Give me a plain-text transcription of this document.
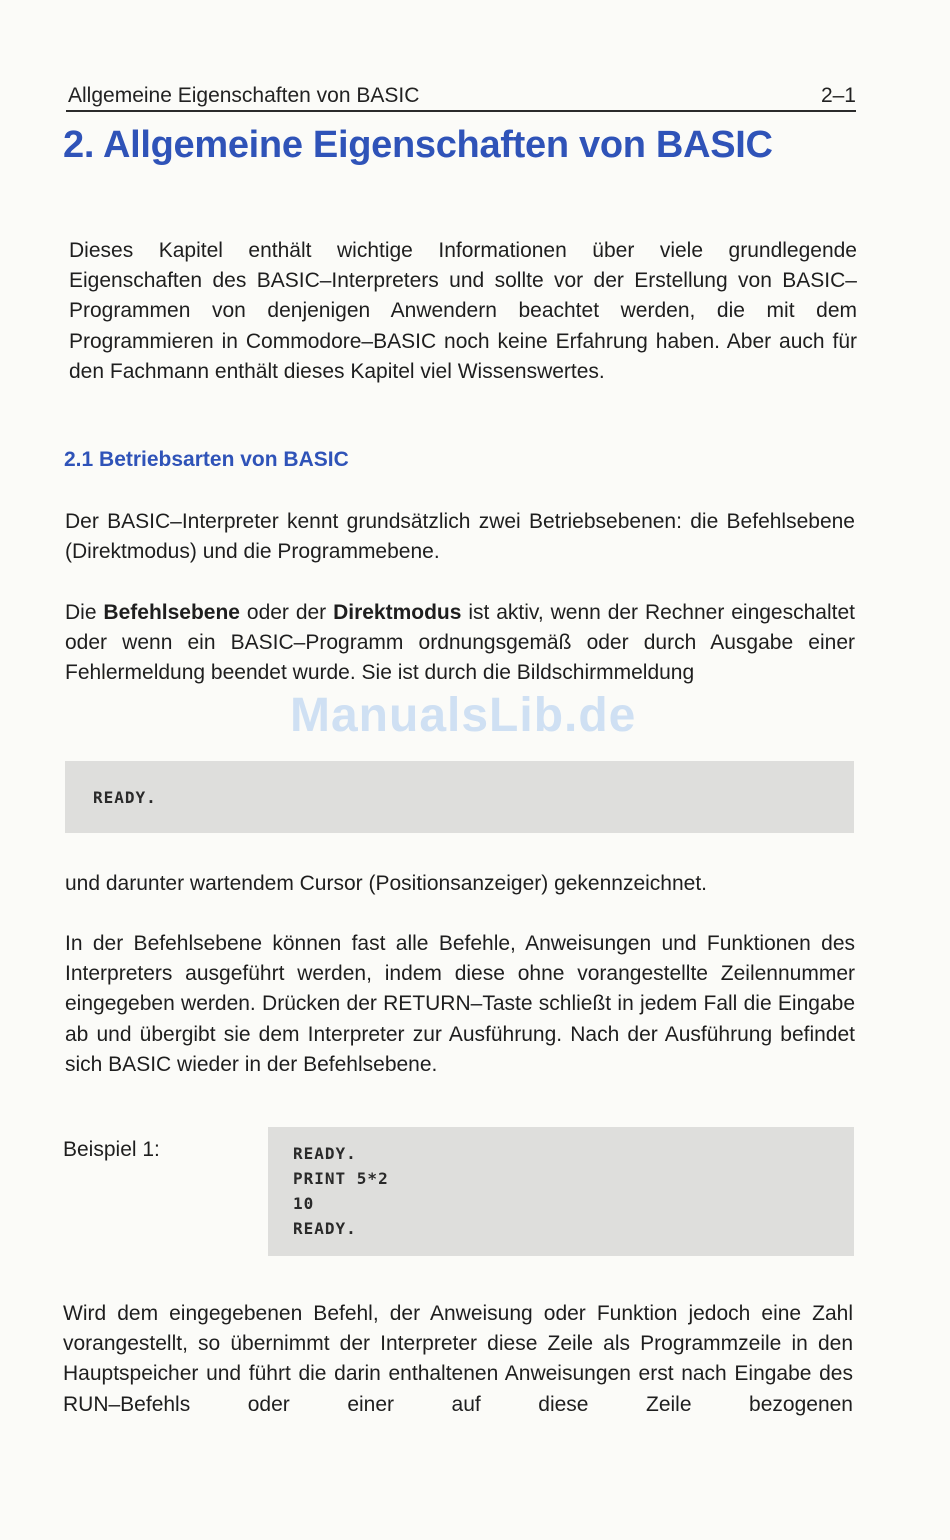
Allgemeine Eigenschaften von BASIC	2–1
2. Allgemeine Eigenschaften von BASIC

Dieses Kapitel enthält wichtige Informationen über viele grundlegende Eigenschaften des BASIC–Interpreters und sollte vor der Erstellung von BASIC–Programmen von denjenigen Anwendern beachtet werden, die mit dem Programmieren in Commodore–BASIC noch keine Erfahrung haben. Aber auch für den Fachmann enthält dieses Kapitel viel Wissenswertes.

2.1 Betriebsarten von BASIC

Der BASIC–Interpreter kennt grundsätzlich zwei Betriebsebenen: die Befehlsebene (Direktmodus) und die Programmebene.

Die Befehlsebene oder der Direktmodus ist aktiv, wenn der Rechner eingeschaltet oder wenn ein BASIC–Programm ordnungsgemäß oder durch Ausgabe einer Fehlermeldung beendet wurde. Sie ist durch die Bildschirmmeldung

ManualsLib.de
READY.

und darunter wartendem Cursor (Positionsanzeiger) gekennzeichnet.

In der Befehlsebene können fast alle Befehle, Anweisungen und Funktionen des Interpreters ausgeführt werden, indem diese ohne vorangestellte Zeilennummer eingegeben werden. Drücken der RETURN–Taste schließt in jedem Fall die Eingabe ab und übergibt sie dem Interpreter zur Ausführung. Nach der Ausführung befindet sich BASIC wieder in der Befehlsebene.

Beispiel 1:	READY.
PRINT 5*2
10
READY.

Wird dem eingegebenen Befehl, der Anweisung oder Funktion jedoch eine Zahl vorangestellt, so übernimmt der Interpreter diese Zeile als Programmzeile in den Hauptspeicher und führt die darin enthaltenen Anweisungen erst nach Eingabe des RUN–Befehls oder einer auf diese Zeile bezogenen
